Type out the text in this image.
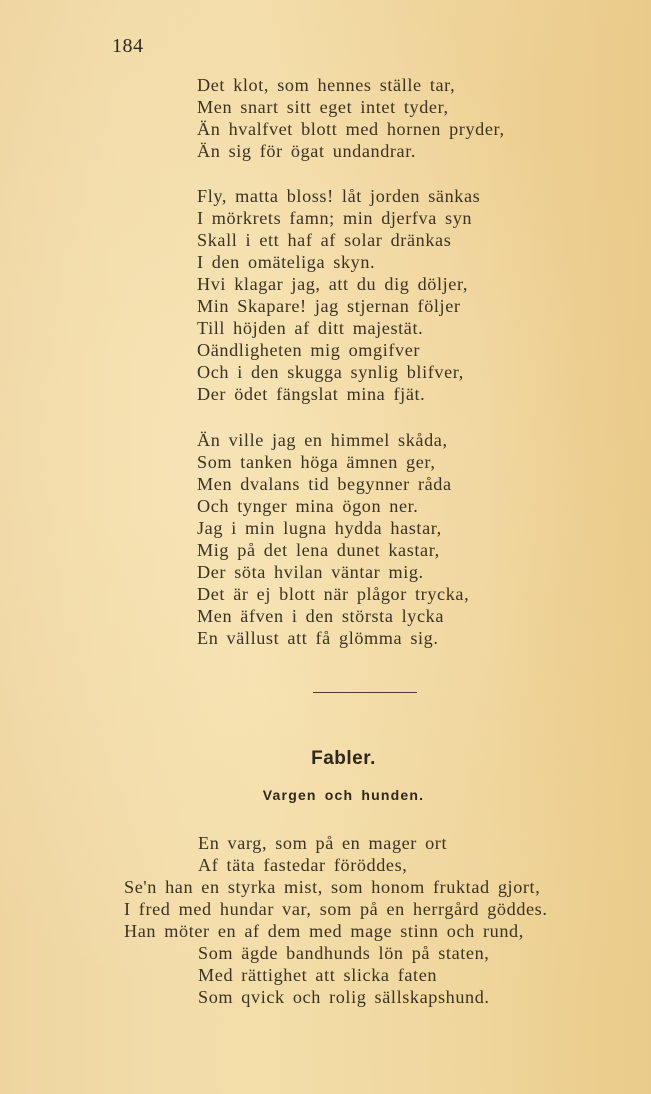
184
Det klot, som hennes ställe tar,
Men snart sitt eget intet tyder,
Än hvalfvet blott med hornen pryder,
Än sig för ögat undandrar.
Fly, matta bloss! låt jorden sänkas
I mörkrets famn; min djerfva syn
Skall i ett haf af solar dränkas
I den omäteliga skyn.
Hvi klagar jag, att du dig döljer,
Min Skapare! jag stjernan följer
Till höjden af ditt majestät.
Oändligheten mig omgifver
Och i den skugga synlig blifver,
Der ödet fängslat mina fjät.
Än ville jag en himmel skåda,
Som tanken höga ämnen ger,
Men dvalans tid begynner råda
Och tynger mina ögon ner.
Jag i min lugna hydda hastar,
Mig på det lena dunet kastar,
Der söta hvilan väntar mig.
Det är ej blott när plågor trycka,
Men äfven i den största lycka
En vällust att få glömma sig.
Fabler.
Vargen och hunden.
En varg, som på en mager ort
Af täta fastedar föröddes,
Se'n han en styrka mist, som honom fruktad gjort,
I fred med hundar var, som på en herrgård göddes.
Han möter en af dem med mage stinn och rund,
Som ägde bandhunds lön på staten,
Med rättighet att slicka faten
Som qvick och rolig sällskapshund.
